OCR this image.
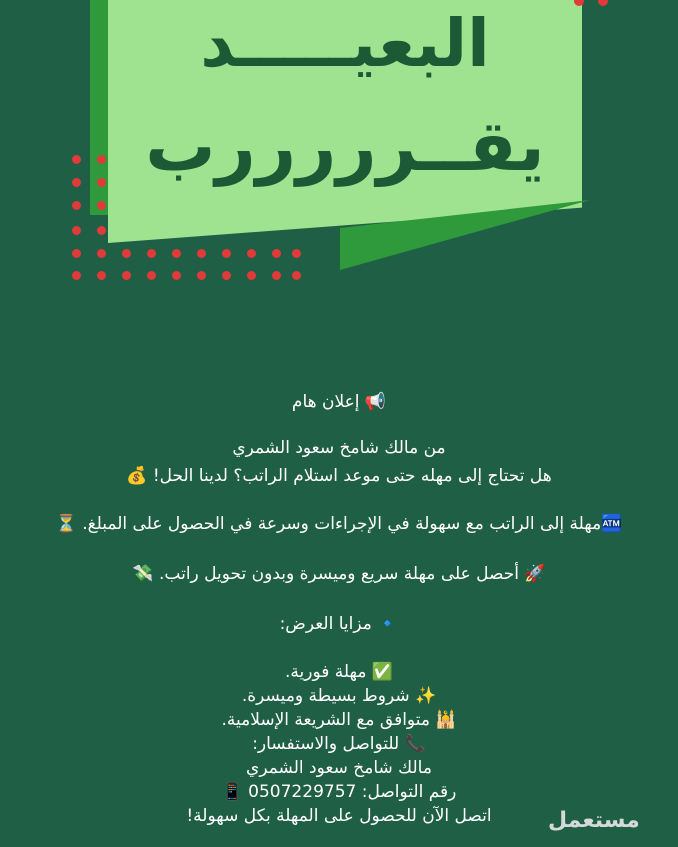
البعيـــــد
يقــرررررب
📢 إعلان هام
من مالك شامخ سعود الشمري
هل تحتاج إلى مهله حتى موعد استلام الراتب؟ لدينا الحل! 💰
🏧مهلة إلى الراتب مع سهولة في الإجراءات وسرعة في الحصول على المبلغ. ⏳
🚀 أحصل على مهلة سريع وميسرة وبدون تحويل راتب. 💸
🔹 مزايا العرض:
✅ مهلة فورية.
✨ شروط بسيطة وميسرة.
🕌 متوافق مع الشريعة الإسلامية.
📞 للتواصل والاستفسار:
مالك شامخ سعود الشمري
رقم التواصل: 0507229757 📱
اتصل الآن للحصول على المهلة بكل سهولة!	مستعمل
